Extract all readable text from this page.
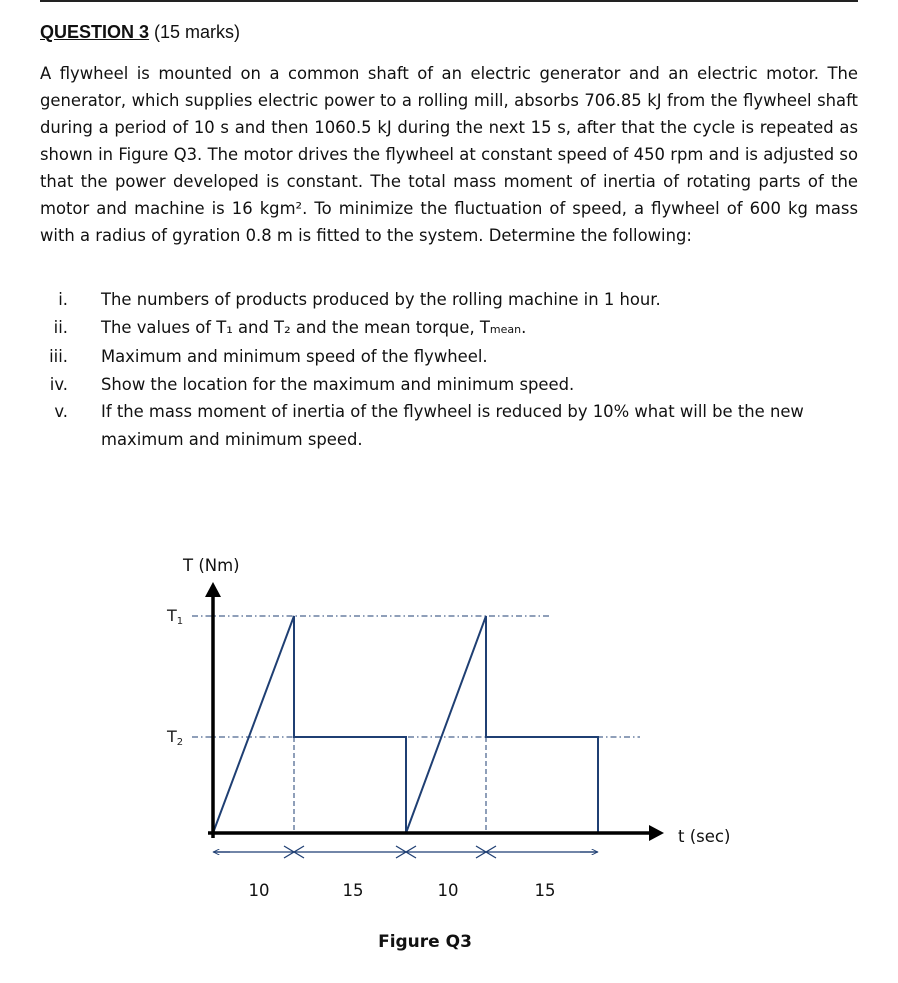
QUESTION 3 (15 marks)
A flywheel is mounted on a common shaft of an electric generator and an electric motor. The generator, which supplies electric power to a rolling mill, absorbs 706.85 kJ from the flywheel shaft during a period of 10 s and then 1060.5 kJ during the next 15 s, after that the cycle is repeated as shown in Figure Q3. The motor drives the flywheel at constant speed of 450 rpm and is adjusted so that the power developed is constant. The total mass moment of inertia of rotating parts of the motor and machine is 16 kgm². To minimize the fluctuation of speed, a flywheel of 600 kg mass with a radius of gyration 0.8 m is fitted to the system. Determine the following:
i. The numbers of products produced by the rolling machine in 1 hour.
ii. The values of T₁ and T₂ and the mean torque, Tmean.
iii. Maximum and minimum speed of the flywheel.
iv. Show the location for the maximum and minimum speed.
v. If the mass moment of inertia of the flywheel is reduced by 10% what will be the new maximum and minimum speed.
T (Nm)
t (sec)
T1
T2
10	15	10	15
Figure Q3
